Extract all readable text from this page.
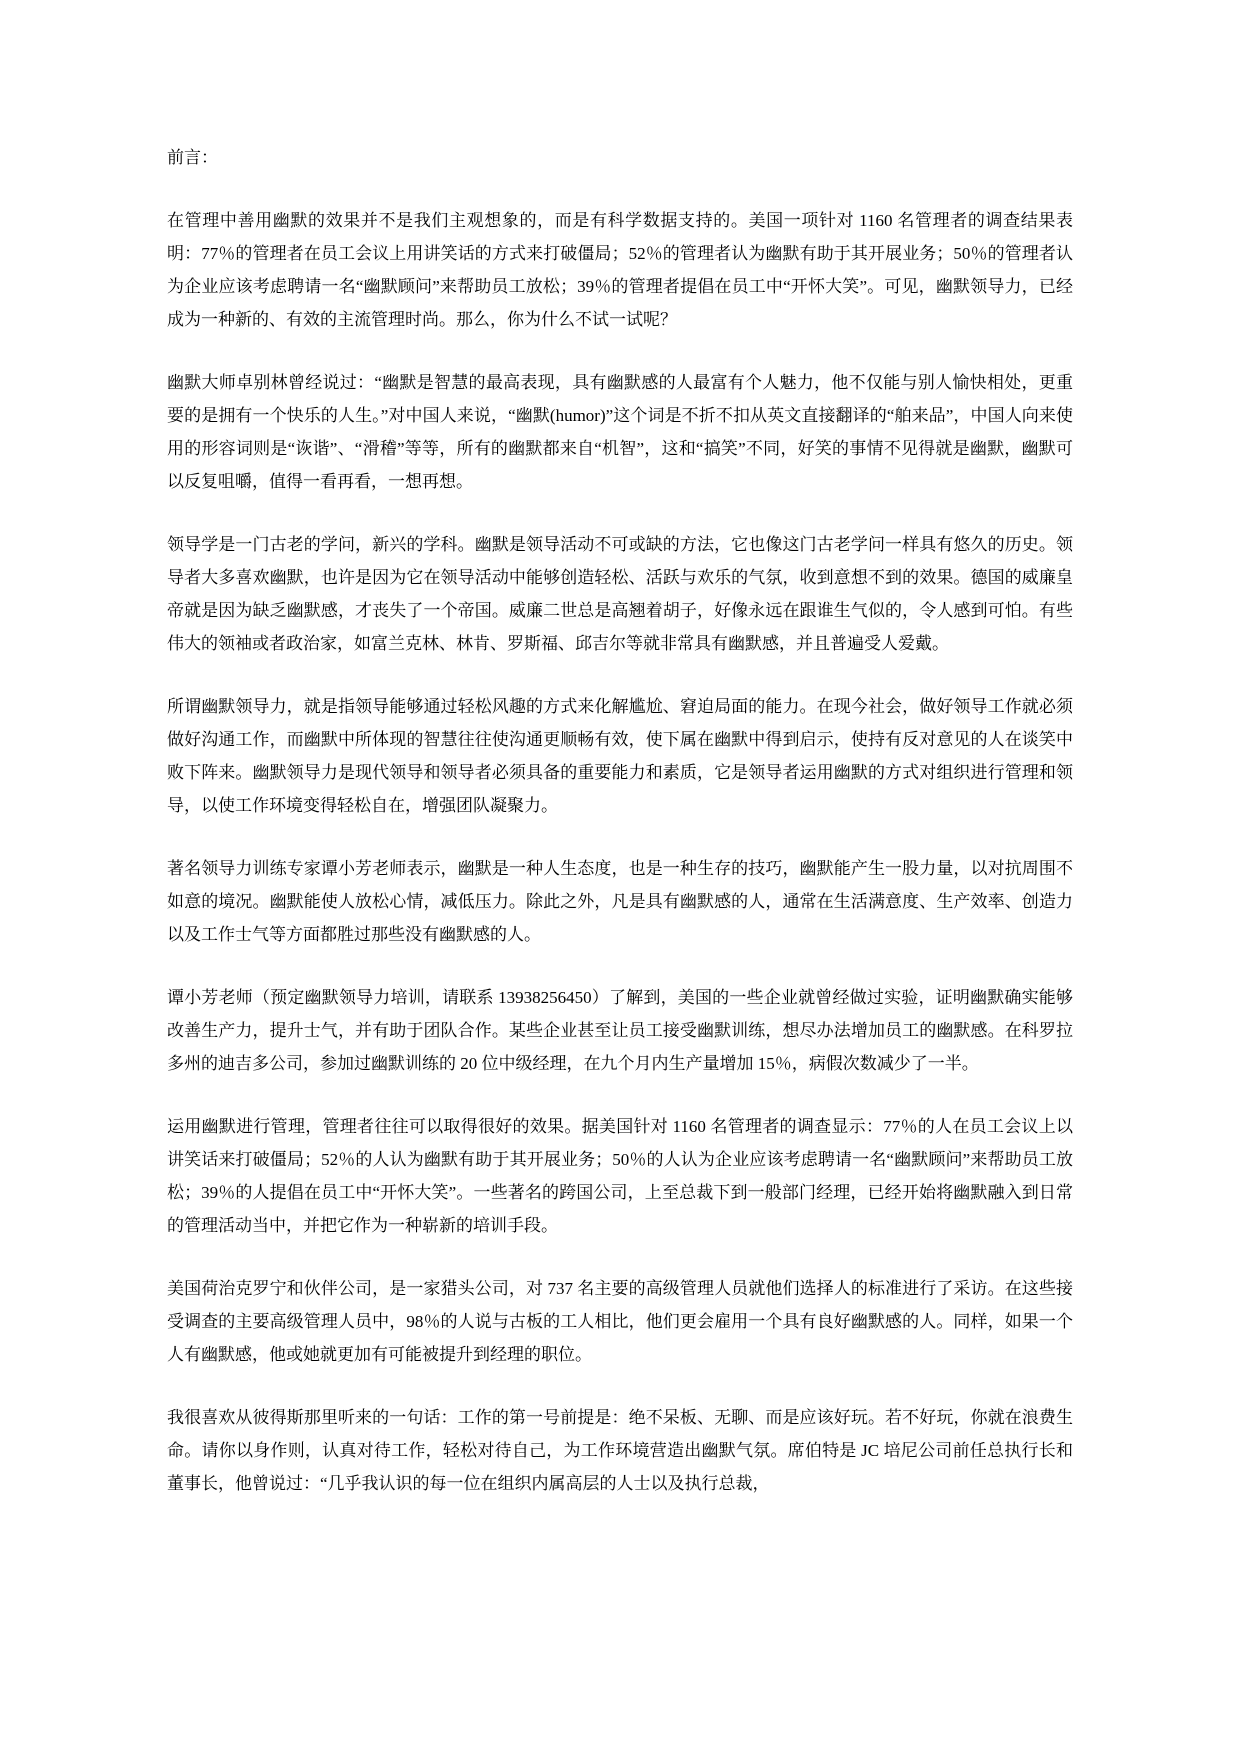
前言：

在管理中善用幽默的效果并不是我们主观想象的，而是有科学数据支持的。美国一项针对 1160 名管理者的调查结果表明：77％的管理者在员工会议上用讲笑话的方式来打破僵局；52％的管理者认为幽默有助于其开展业务；50％的管理者认为企业应该考虑聘请一名“幽默顾问”来帮助员工放松；39％的管理者提倡在员工中“开怀大笑”。可见，幽默领导力，已经成为一种新的、有效的主流管理时尚。那么，你为什么不试一试呢？

幽默大师卓别林曾经说过：“幽默是智慧的最高表现，具有幽默感的人最富有个人魅力，他不仅能与别人愉快相处，更重要的是拥有一个快乐的人生。”对中国人来说，“幽默(humor)”这个词是不折不扣从英文直接翻译的“舶来品”，中国人向来使用的形容词则是“诙谐”、“滑稽”等等，所有的幽默都来自“机智”，这和“搞笑”不同，好笑的事情不见得就是幽默，幽默可以反复咀嚼，值得一看再看，一想再想。

领导学是一门古老的学问，新兴的学科。幽默是领导活动不可或缺的方法，它也像这门古老学问一样具有悠久的历史。领导者大多喜欢幽默，也许是因为它在领导活动中能够创造轻松、活跃与欢乐的气氛，收到意想不到的效果。德国的威廉皇帝就是因为缺乏幽默感，才丧失了一个帝国。威廉二世总是高翘着胡子，好像永远在跟谁生气似的，令人感到可怕。有些伟大的领袖或者政治家，如富兰克林、林肯、罗斯福、邱吉尔等就非常具有幽默感，并且普遍受人爱戴。

所谓幽默领导力，就是指领导能够通过轻松风趣的方式来化解尴尬、窘迫局面的能力。在现今社会，做好领导工作就必须做好沟通工作，而幽默中所体现的智慧往往使沟通更顺畅有效，使下属在幽默中得到启示，使持有反对意见的人在谈笑中败下阵来。幽默领导力是现代领导和领导者必须具备的重要能力和素质，它是领导者运用幽默的方式对组织进行管理和领导，以使工作环境变得轻松自在，增强团队凝聚力。

著名领导力训练专家谭小芳老师表示，幽默是一种人生态度，也是一种生存的技巧，幽默能产生一股力量，以对抗周围不如意的境况。幽默能使人放松心情，减低压力。除此之外，凡是具有幽默感的人，通常在生活满意度、生产效率、创造力以及工作士气等方面都胜过那些没有幽默感的人。

谭小芳老师（预定幽默领导力培训，请联系 13938256450）了解到，美国的一些企业就曾经做过实验，证明幽默确实能够改善生产力，提升士气，并有助于团队合作。某些企业甚至让员工接受幽默训练，想尽办法增加员工的幽默感。在科罗拉多州的迪吉多公司，参加过幽默训练的 20 位中级经理，在九个月内生产量增加 15％，病假次数减少了一半。

运用幽默进行管理，管理者往往可以取得很好的效果。据美国针对 1160 名管理者的调查显示：77％的人在员工会议上以讲笑话来打破僵局；52％的人认为幽默有助于其开展业务；50％的人认为企业应该考虑聘请一名“幽默顾问”来帮助员工放松；39％的人提倡在员工中“开怀大笑”。一些著名的跨国公司，上至总裁下到一般部门经理，已经开始将幽默融入到日常的管理活动当中，并把它作为一种崭新的培训手段。

美国荷治克罗宁和伙伴公司，是一家猎头公司，对 737 名主要的高级管理人员就他们选择人的标准进行了采访。在这些接受调查的主要高级管理人员中，98％的人说与古板的工人相比，他们更会雇用一个具有良好幽默感的人。同样，如果一个人有幽默感，他或她就更加有可能被提升到经理的职位。

我很喜欢从彼得斯那里听来的一句话：工作的第一号前提是：绝不呆板、无聊、而是应该好玩。若不好玩，你就在浪费生命。请你以身作则，认真对待工作，轻松对待自己，为工作环境营造出幽默气氛。席伯特是 JC 培尼公司前任总执行长和董事长，他曾说过：“几乎我认识的每一位在组织内属高层的人士以及执行总裁，
